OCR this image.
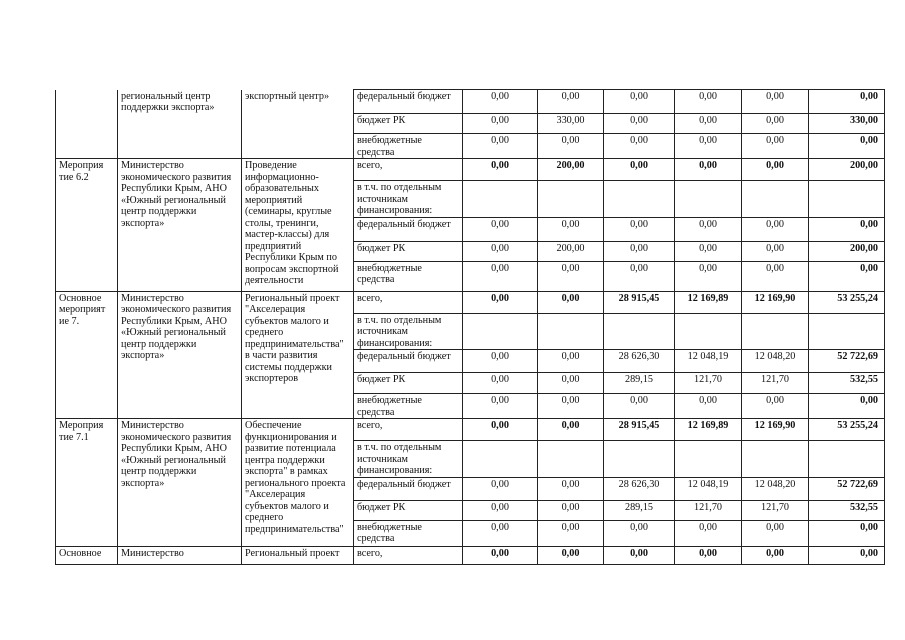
	региональный центр поддержки экспорта»	экспортный центр»	федеральный бюджет	0,00	0,00	0,00	0,00	0,00	0,00
			бюджет РК	0,00	330,00	0,00	0,00	0,00	330,00
			внебюджетные средства	0,00	0,00	0,00	0,00	0,00	0,00
Мероприя тие 6.2	Министерство экономического развития Республики Крым, АНО «Южный региональный центр поддержки экспорта»	Проведение информационно-образовательных мероприятий (семинары, круглые столы, тренинги, мастер-классы) для предприятий Республики Крым по вопросам экспортной деятельности	всего,	0,00	200,00	0,00	0,00	0,00	200,00
			в т.ч. по отдельным источникам финансирования:						
			федеральный бюджет	0,00	0,00	0,00	0,00	0,00	0,00
			бюджет РК	0,00	200,00	0,00	0,00	0,00	200,00
			внебюджетные средства	0,00	0,00	0,00	0,00	0,00	0,00
Основное мероприят ие 7.	Министерство экономического развития Республики Крым, АНО «Южный региональный центр поддержки экспорта»	Региональный проект "Акселерация субъектов малого и среднего предпринимательства" в части развития системы поддержки экспортеров	всего,	0,00	0,00	28 915,45	12 169,89	12 169,90	53 255,24
			в т.ч. по отдельным источникам финансирования:						
			федеральный бюджет	0,00	0,00	28 626,30	12 048,19	12 048,20	52 722,69
			бюджет РК	0,00	0,00	289,15	121,70	121,70	532,55
			внебюджетные средства	0,00	0,00	0,00	0,00	0,00	0,00
Мероприя тие 7.1	Министерство экономического развития Республики Крым, АНО «Южный региональный центр поддержки экспорта»	Обеспечение функционирования и развитие потенциала центра поддержки экспорта" в рамках регионального проекта "Акселерация субъектов малого и среднего предпринимательства"	всего,	0,00	0,00	28 915,45	12 169,89	12 169,90	53 255,24
			в т.ч. по отдельным источникам финансирования:						
			федеральный бюджет	0,00	0,00	28 626,30	12 048,19	12 048,20	52 722,69
			бюджет РК	0,00	0,00	289,15	121,70	121,70	532,55
			внебюджетные средства	0,00	0,00	0,00	0,00	0,00	0,00
Основное	Министерство	Региональный проект	всего,	0,00	0,00	0,00	0,00	0,00	0,00
